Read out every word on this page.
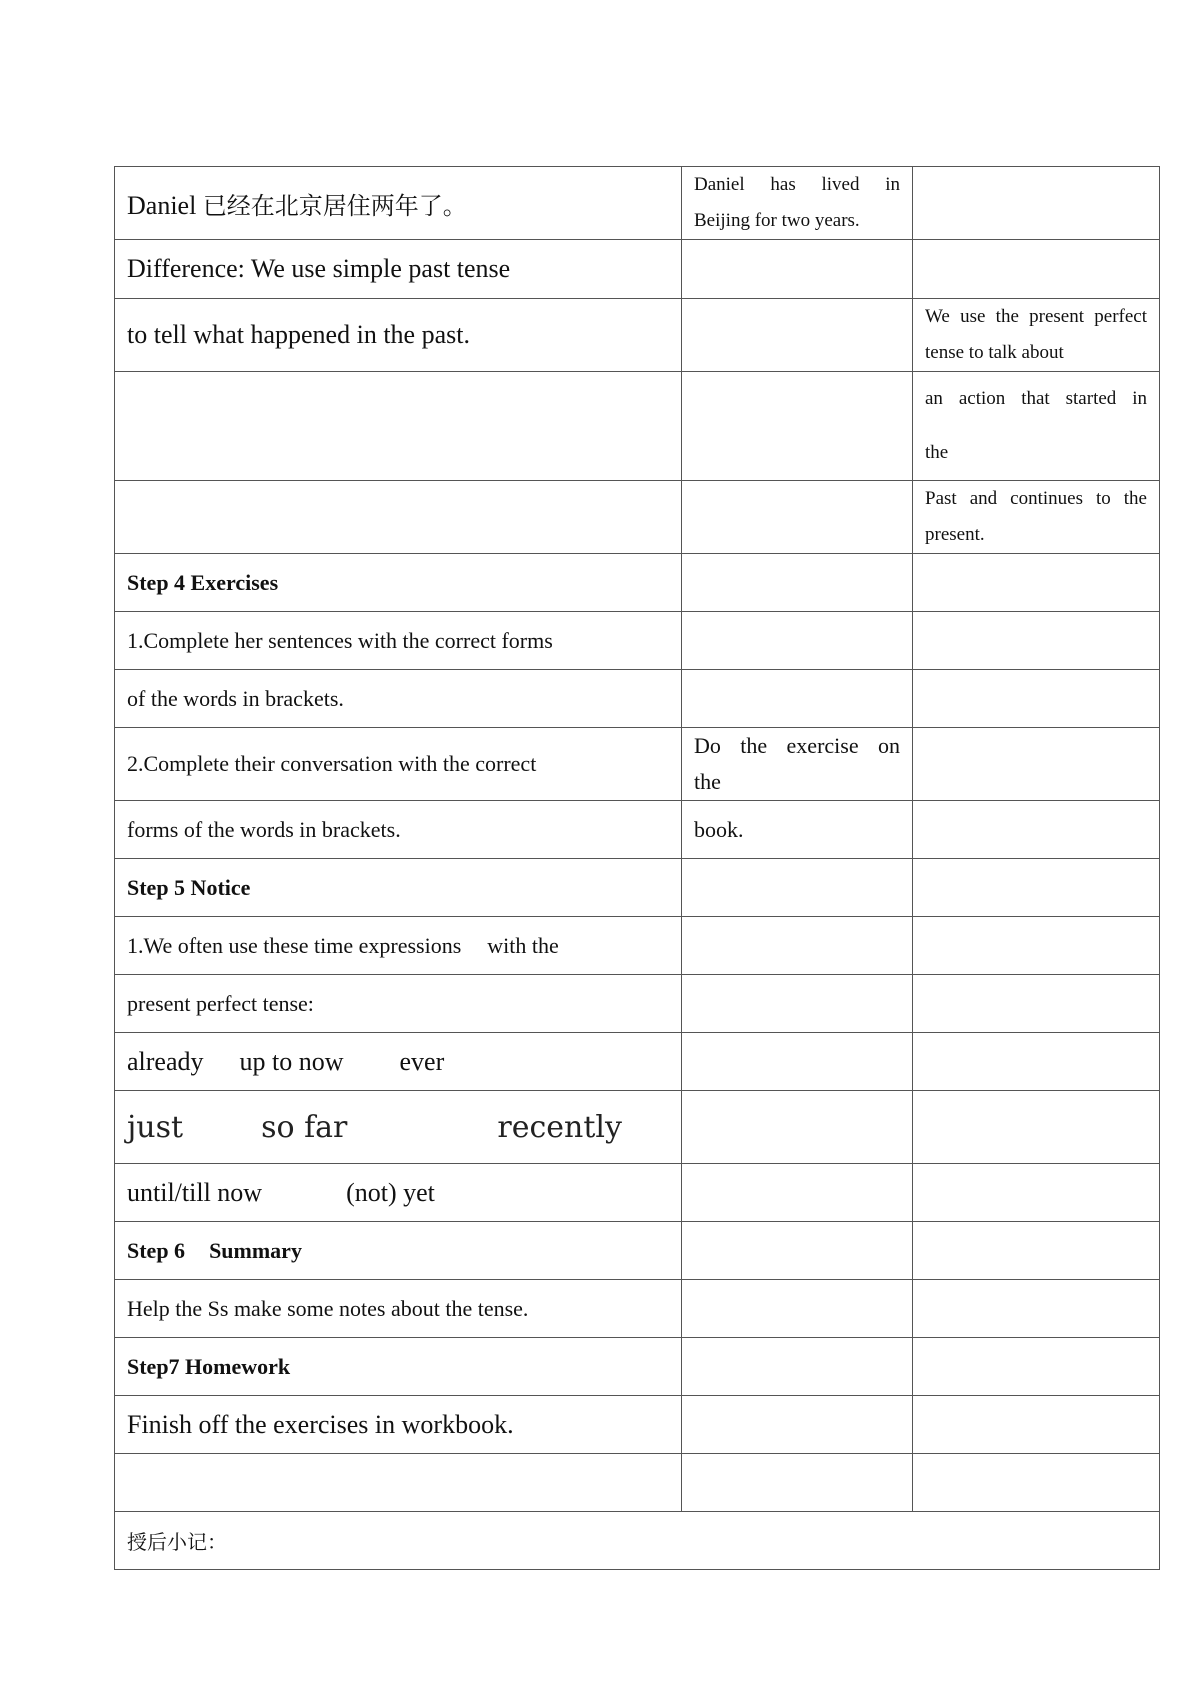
Daniel 已经在北京居住两年了。	Daniel has lived in
Beijing for two years.	

Difference: We use simple past tense		
to tell what happened in the past.		We use the present perfect
tense to talk about

		an action that started in
the

		Past and continues to the
present.

Step 4 Exercises		
1.Complete her sentences with the correct forms		
of the words in brackets.		
2.Complete their conversation with the correct	Do the exercise on
the	

forms of the words in brackets.	book.	
Step 5 Notice		
1.We often use these time expressions with the		
present perfect tense:		
already up to now ever		
just so far recently		
until/till now (not) yet		
Step 6 Summary		
Help the Ss make some notes about the tense.		
Step7 Homework		
Finish off the exercises in workbook.		

授后小记：		
